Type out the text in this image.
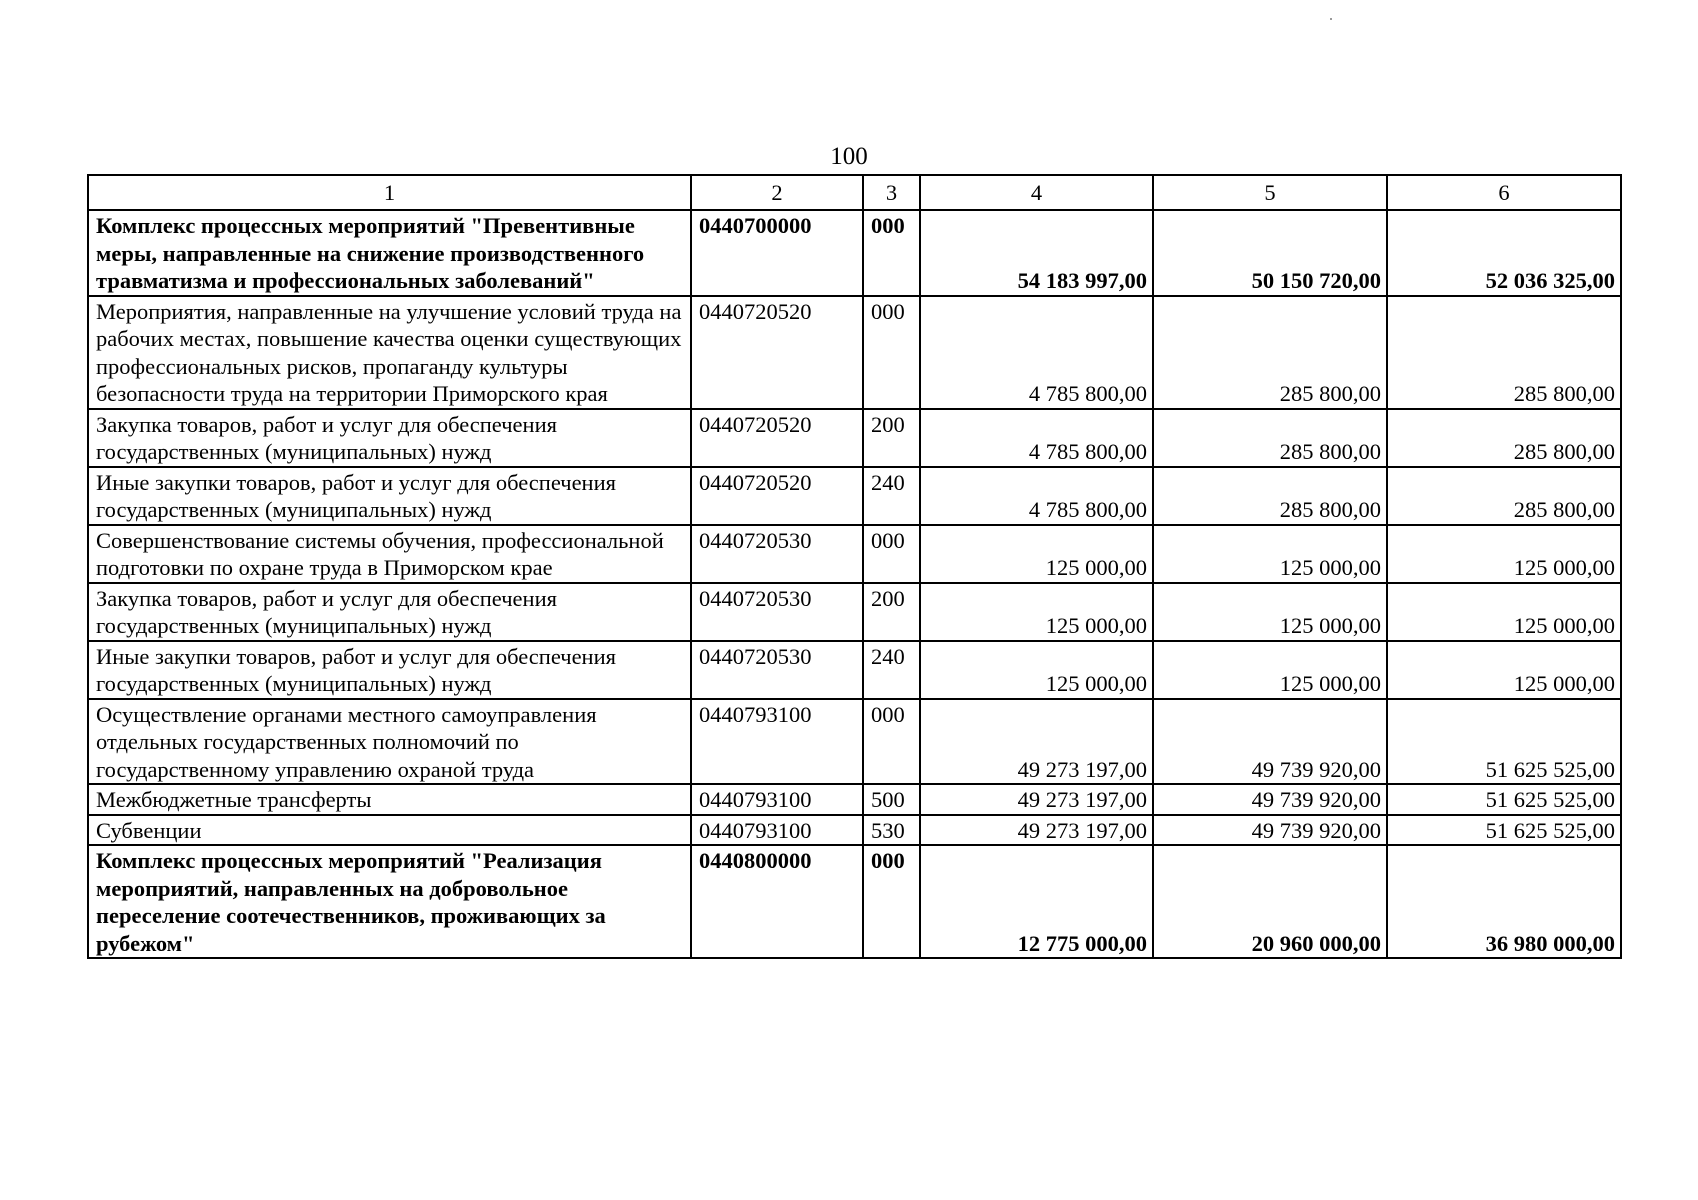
100
1	2	3	4	5	6
Комплекс процессных мероприятий "Превентивные меры, направленные на снижение производственного травматизма и профессиональных заболеваний"	0440700000	000	54 183 997,00	50 150 720,00	52 036 325,00
Мероприятия, направленные на улучшение условий труда на рабочих местах, повышение качества оценки существующих профессиональных рисков, пропаганду культуры безопасности труда на территории Приморского края	0440720520	000	4 785 800,00	285 800,00	285 800,00
Закупка товаров, работ и услуг для обеспечения государственных (муниципальных) нужд	0440720520	200	4 785 800,00	285 800,00	285 800,00
Иные закупки товаров, работ и услуг для обеспечения государственных (муниципальных) нужд	0440720520	240	4 785 800,00	285 800,00	285 800,00
Совершенствование системы обучения, профессиональной подготовки по охране труда в Приморском крае	0440720530	000	125 000,00	125 000,00	125 000,00
Закупка товаров, работ и услуг для обеспечения государственных (муниципальных) нужд	0440720530	200	125 000,00	125 000,00	125 000,00
Иные закупки товаров, работ и услуг для обеспечения государственных (муниципальных) нужд	0440720530	240	125 000,00	125 000,00	125 000,00
Осуществление органами местного самоуправления отдельных государственных полномочий по государственному управлению охраной труда	0440793100	000	49 273 197,00	49 739 920,00	51 625 525,00
Межбюджетные трансферты	0440793100	500	49 273 197,00	49 739 920,00	51 625 525,00
Субвенции	0440793100	530	49 273 197,00	49 739 920,00	51 625 525,00
Комплекс процессных мероприятий "Реализация мероприятий, направленных на добровольное переселение соотечественников, проживающих за рубежом"	0440800000	000	12 775 000,00	20 960 000,00	36 980 000,00
